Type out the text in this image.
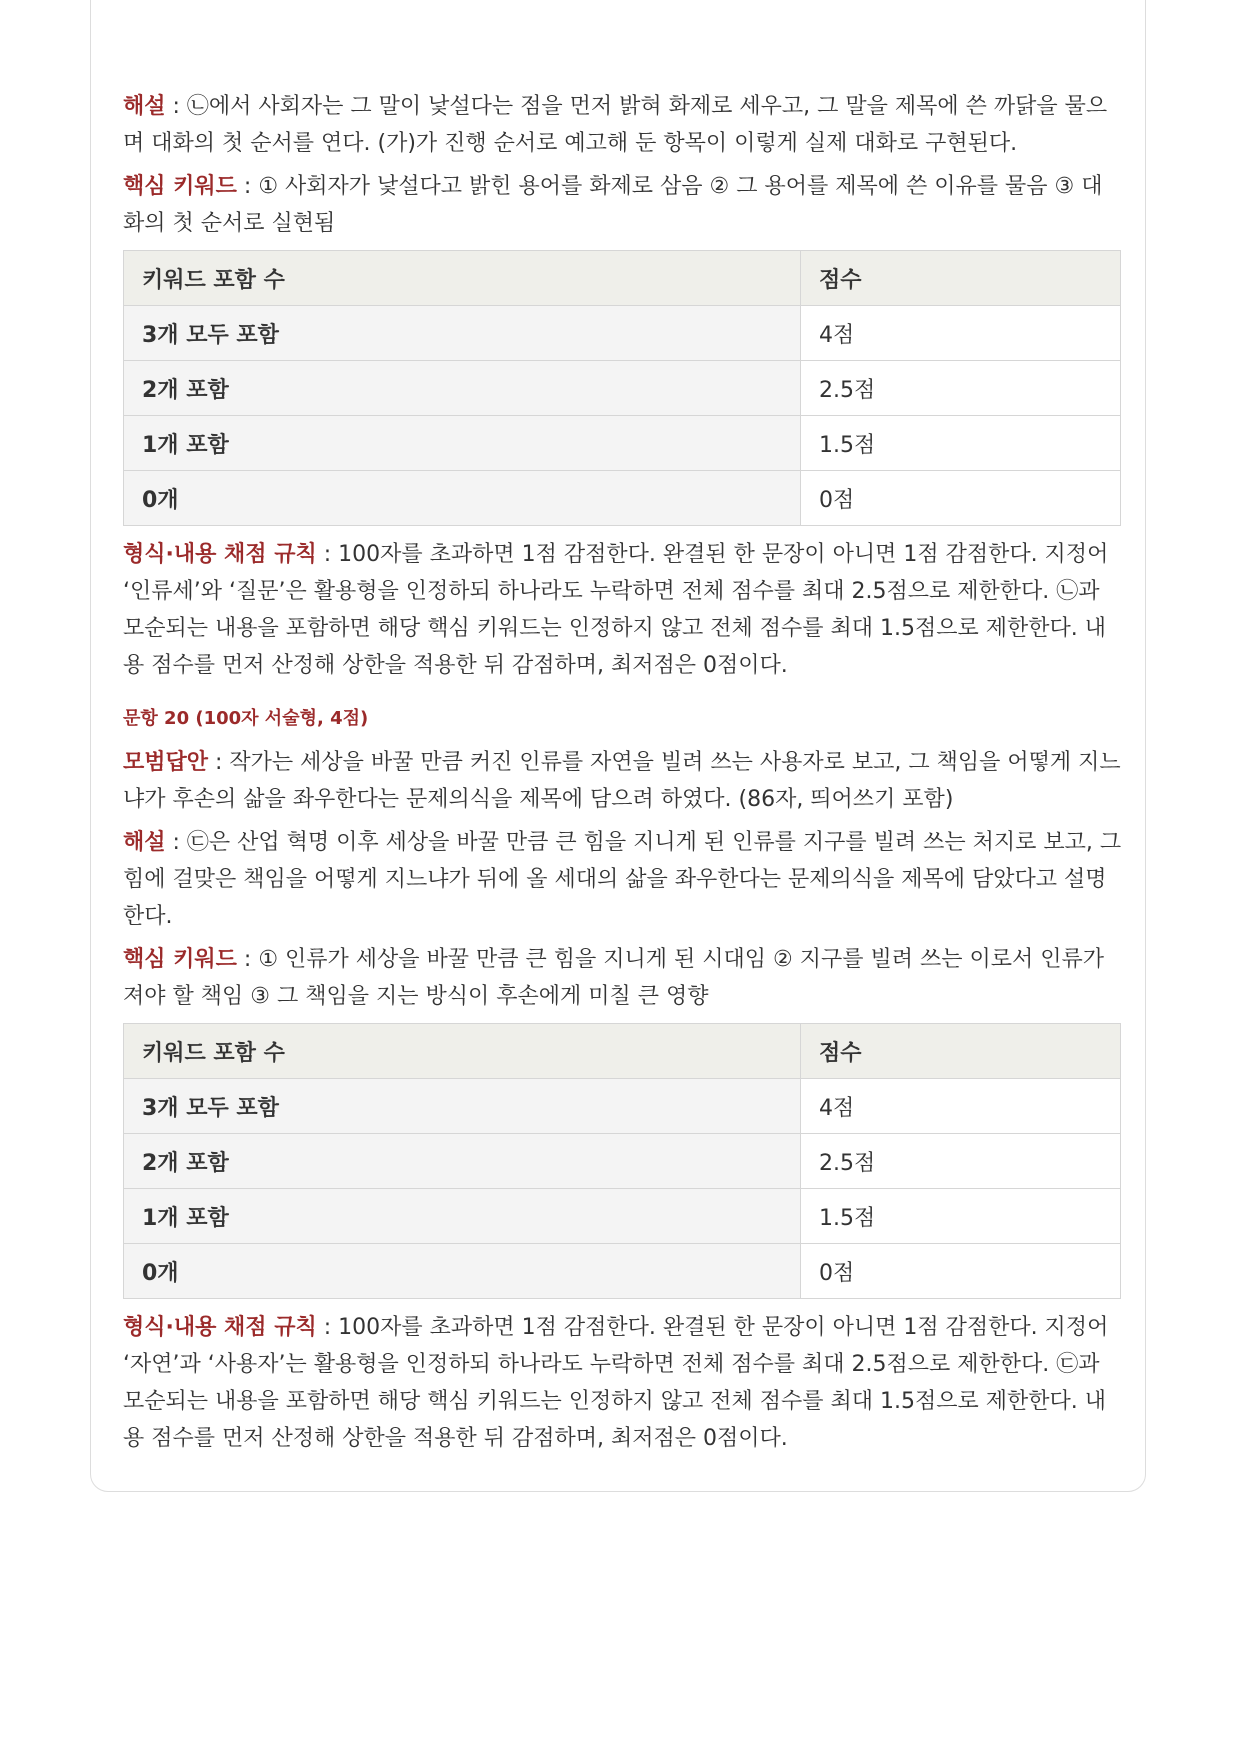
해설 : ㉡에서 사회자는 그 말이 낯설다는 점을 먼저 밝혀 화제로 세우고, 그 말을 제목에 쓴 까닭을 물으며 대화의 첫 순서를 연다. (가)가 진행 순서로 예고해 둔 항목이 이렇게 실제 대화로 구현된다.

핵심 키워드 : ① 사회자가 낯설다고 밝힌 용어를 화제로 삼음 ② 그 용어를 제목에 쓴 이유를 물음 ③ 대화의 첫 순서로 실현됨

키워드 포함 수	점수
3개 모두 포함	4점
2개 포함	2.5점
1개 포함	1.5점
0개	0점

형식·내용 채점 규칙 : 100자를 초과하면 1점 감점한다. 완결된 한 문장이 아니면 1점 감점한다. 지정어 ‘인류세’와 ‘질문’은 활용형을 인정하되 하나라도 누락하면 전체 점수를 최대 2.5점으로 제한한다. ㉡과 모순되는 내용을 포함하면 해당 핵심 키워드는 인정하지 않고 전체 점수를 최대 1.5점으로 제한한다. 내용 점수를 먼저 산정해 상한을 적용한 뒤 감점하며, 최저점은 0점이다.

문항 20 (100자 서술형, 4점)

모범답안 : 작가는 세상을 바꿀 만큼 커진 인류를 자연을 빌려 쓰는 사용자로 보고, 그 책임을 어떻게 지느냐가 후손의 삶을 좌우한다는 문제의식을 제목에 담으려 하였다. (86자, 띄어쓰기 포함)

해설 : ㉢은 산업 혁명 이후 세상을 바꿀 만큼 큰 힘을 지니게 된 인류를 지구를 빌려 쓰는 처지로 보고, 그 힘에 걸맞은 책임을 어떻게 지느냐가 뒤에 올 세대의 삶을 좌우한다는 문제의식을 제목에 담았다고 설명한다.

핵심 키워드 : ① 인류가 세상을 바꿀 만큼 큰 힘을 지니게 된 시대임 ② 지구를 빌려 쓰는 이로서 인류가 져야 할 책임 ③ 그 책임을 지는 방식이 후손에게 미칠 큰 영향

키워드 포함 수	점수
3개 모두 포함	4점
2개 포함	2.5점
1개 포함	1.5점
0개	0점

형식·내용 채점 규칙 : 100자를 초과하면 1점 감점한다. 완결된 한 문장이 아니면 1점 감점한다. 지정어 ‘자연’과 ‘사용자’는 활용형을 인정하되 하나라도 누락하면 전체 점수를 최대 2.5점으로 제한한다. ㉢과 모순되는 내용을 포함하면 해당 핵심 키워드는 인정하지 않고 전체 점수를 최대 1.5점으로 제한한다. 내용 점수를 먼저 산정해 상한을 적용한 뒤 감점하며, 최저점은 0점이다.
